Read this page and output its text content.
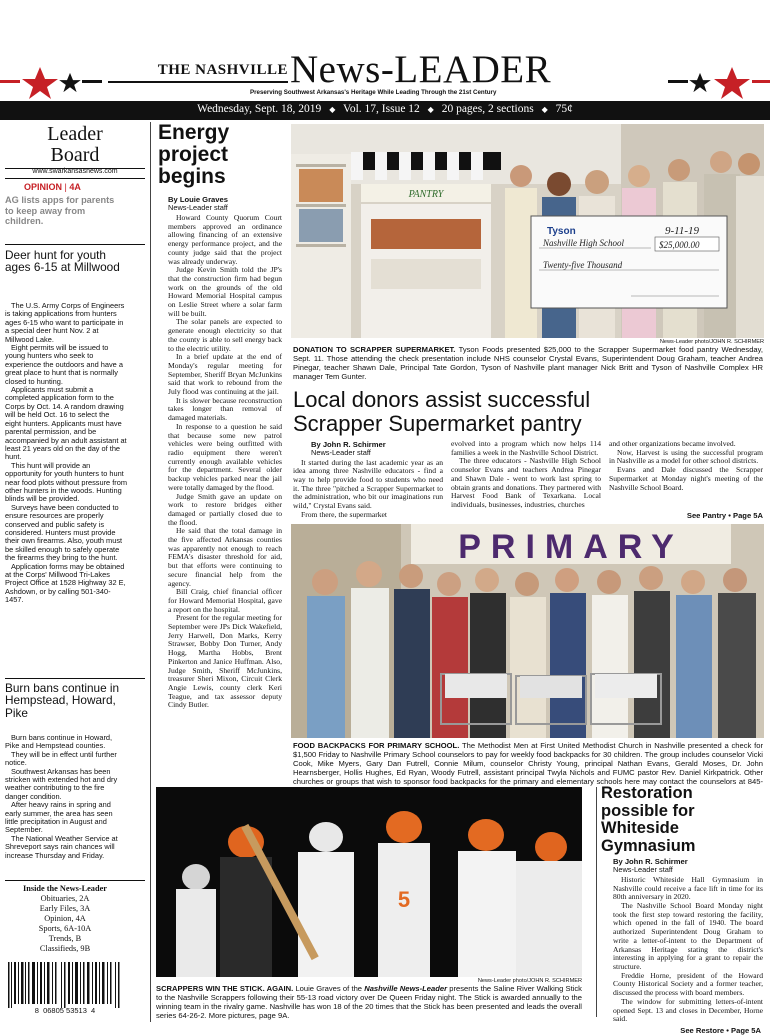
THE NASHVILLE News-LEADER
Preserving Southwest Arkansas's Heritage While Leading Through the 21st Century
Wednesday, Sept. 18, 2019 ◆ Vol. 17, Issue 12 ◆ 20 pages, 2 sections ◆ 75¢
Leader
Board
www.swarkansasnews.com
OPINION | 4A
AG lists apps for parents to keep away from children.
Deer hunt for youth ages 6-15 at Millwood

The U.S. Army Corps of Engineers is taking applications from hunters ages 6-15 who want to participate in a special deer hunt Nov. 2 at Millwood Lake.

Eight permits will be issued to young hunters who seek to experience the outdoors and have a great place to hunt that is normally closed to hunting.

Applicants must submit a completed application form to the Corps by Oct. 14. A random drawing will be held Oct. 16 to select the eight hunters. Applicants must have parental permission, and be accompanied by an adult assistant at least 21 years old on the day of the hunt.

This hunt will provide an opportunity for youth hunters to hunt near food plots without pressure from other hunters in the woods. Hunting blinds will be provided.

Surveys have been conducted to ensure resources are properly conserved and public safety is considered. Hunters must provide their own firearms. Also, youth must be skilled enough to safely operate the firearms they bring to the hunt.

Application forms may be obtained at the Corps' Millwood Tri-Lakes Project Office at 1528 Highway 32 E, Ashdown, or by calling 501-340-1457.

Burn bans continue in Hempstead, Howard, Pike

Burn bans continue in Howard, Pike and Hempstead counties.

They will be in effect until further notice.

Southwest Arkansas has been stricken with extended hot and dry weather contributing to the fire danger condition.

After heavy rains in spring and early summer, the area has seen little precipitation in August and September.

The National Weather Service at Shreveport says rain chances will increase Thursday and Friday.

Inside the News-Leader
Obituaries, 2A
Early Files, 3A
Opinion, 4A
Sports, 6A-10A
Trends, B
Classifieds, 9B
8  06805 53513  4
Energy project begins
By Louie Graves
News-Leader staff

Howard County Quorum Court members approved an ordinance allowing financing of an extensive energy performance project, and the county judge said that the project was already underway.

Judge Kevin Smith told the JP's that the construction firm had begun work on the grounds of the old Howard Memorial Hospital campus on Leslie Street where a solar farm will be built.

The solar panels are expected to generate enough electricity so that the county is able to sell energy back to the electric utility.

In a brief update at the end of Monday's regular meeting for September, Sheriff Bryan McJunkins said that work to rebound from the July flood was continuing at the jail.

It is slower because reconstruction takes longer than removal of damaged materials.

In response to a question he said that because some new patrol vehicles were being outfitted with radio equipment there weren't currently enough available vehicles for the department. Several older backup vehicles parked near the jail were totally damaged by the flood.

Judge Smith gave an update on work to restore bridges either damaged or partially closed due to the flood.

He said that the total damage in the five affected Arkansas counties was apparently not enough to reach FEMA's disaster threshold for aid, but that efforts were continuing to secure financial help from the agency.

Bill Craig, chief financial officer for Howard Memorial Hospital, gave a report on the hospital.

Present for the regular meeting for September were JPs Dick Wakefield, Jerry Harwell, Don Marks, Kerry Strawser, Bobby Don Turner, Andy Hogg, Martha Hobbs, Brent Pinkerton and Janice Huffman. Also, Judge Smith, Sheriff McJunkins, treasurer Sheri Mixon, Circuit Clerk Angie Lewis, county clerk Keri Teague, and tax assessor deputy Cindy Butler.

PANTRY
Tyson	9-11-19
Nashville High School	$25,000.00
Twenty-five Thousand
News-Leader photo/JOHN R. SCHIRMER
DONATION TO SCRAPPER SUPERMARKET. Tyson Foods presented $25,000 to the Scrapper Supermarket food pantry Wednesday, Sept. 11. Those attending the check presentation include NHS counselor Crystal Evans, Superintendent Doug Graham, teacher Andrea Pinegar, teacher Shawn Dale, Principal Tate Gordon, Tyson of Nashville plant manager Nick Britt and Tyson of Nashville Complex HR manager Tem Gunter.
Local donors assist successful
Scrapper Supermarket pantry
By John R. Schirmer
News-Leader staff

It started during the last academic year as an idea among three Nashville educators - find a way to help provide food to students who need it. The three "pitched a Scrapper Supermarket to the administration, who bit our imaginations run wild," Crystal Evans said.

From there, the supermarket

evolved into a program which now helps 114 families a week in the Nashville School District.

The three educators - Nashville High School counselor Evans and teachers Andrea Pinegar and Shawn Dale - went to work last spring to obtain grants and donations. They partnered with Harvest Food Bank of Texarkana. Local individuals, businesses, industries, churches

and other organizations became involved.

Now, Harvest is using the successful program in Nashville as a model for other school districts.

Evans and Dale discussed the Scrapper Supermarket at Monday night's meeting of the Nashville School Board.

See Pantry • Page 5A
PRIMARY
FOOD BACKPACKS FOR PRIMARY SCHOOL. The Methodist Men at First United Methodist Church in Nashville presented a check for $1,500 Friday to Nashville Primary School counselors to pay for weekly food backpacks for 30 children. The group includes counselor Vicki Cook, Mike Myers, Gary Dan Futrell, Connie Milum, counselor Christy Young, principal Nathan Evans, Gerald Moses, Dr. John Hearnsberger, Hollis Hughes, Ed Ryan, Woody Futrell, assistant principal Twyla Nichols and FUMC pastor Rev. Daniel Kirkpatrick. Other churches or groups that wish to sponsor food backpacks for the primary and elementary schools here may contact the counselors at 845-
5
News-Leader photo/JOHN R. SCHIRMER
SCRAPPERS WIN THE STICK. AGAIN. Louie Graves of the Nashville News-Leader presents the Saline River Walking Stick to the Nashville Scrappers following their 55-13 road victory over De Queen Friday night. The Stick is awarded annually to the winning team in the rivalry game. Nashville has won 18 of the 20 times that the Stick has been presented and leads the overall series 64-26-2. More pictures, page 9A.
Restoration possible for Whiteside Gymnasium
By John R. Schirmer
News-Leader staff

Historic Whiteside Hall Gymnasium in Nashville could receive a face lift in time for its 80th anniversary in 2020.

The Nashville School Board Monday night took the first step toward restoring the facility, which opened in the fall of 1940. The board authorized Superintendent Doug Graham to write a letter-of-intent to the Department of Arkansas Heritage stating the district's interesting in applying for a grant to repair the structure.

Freddie Horne, president of the Howard County Historical Society and a former teacher, discussed the process with board members.

The window for submitting letters-of-intent opened Sept. 13 and closes in December, Horne said.

See Restore • Page 5A
